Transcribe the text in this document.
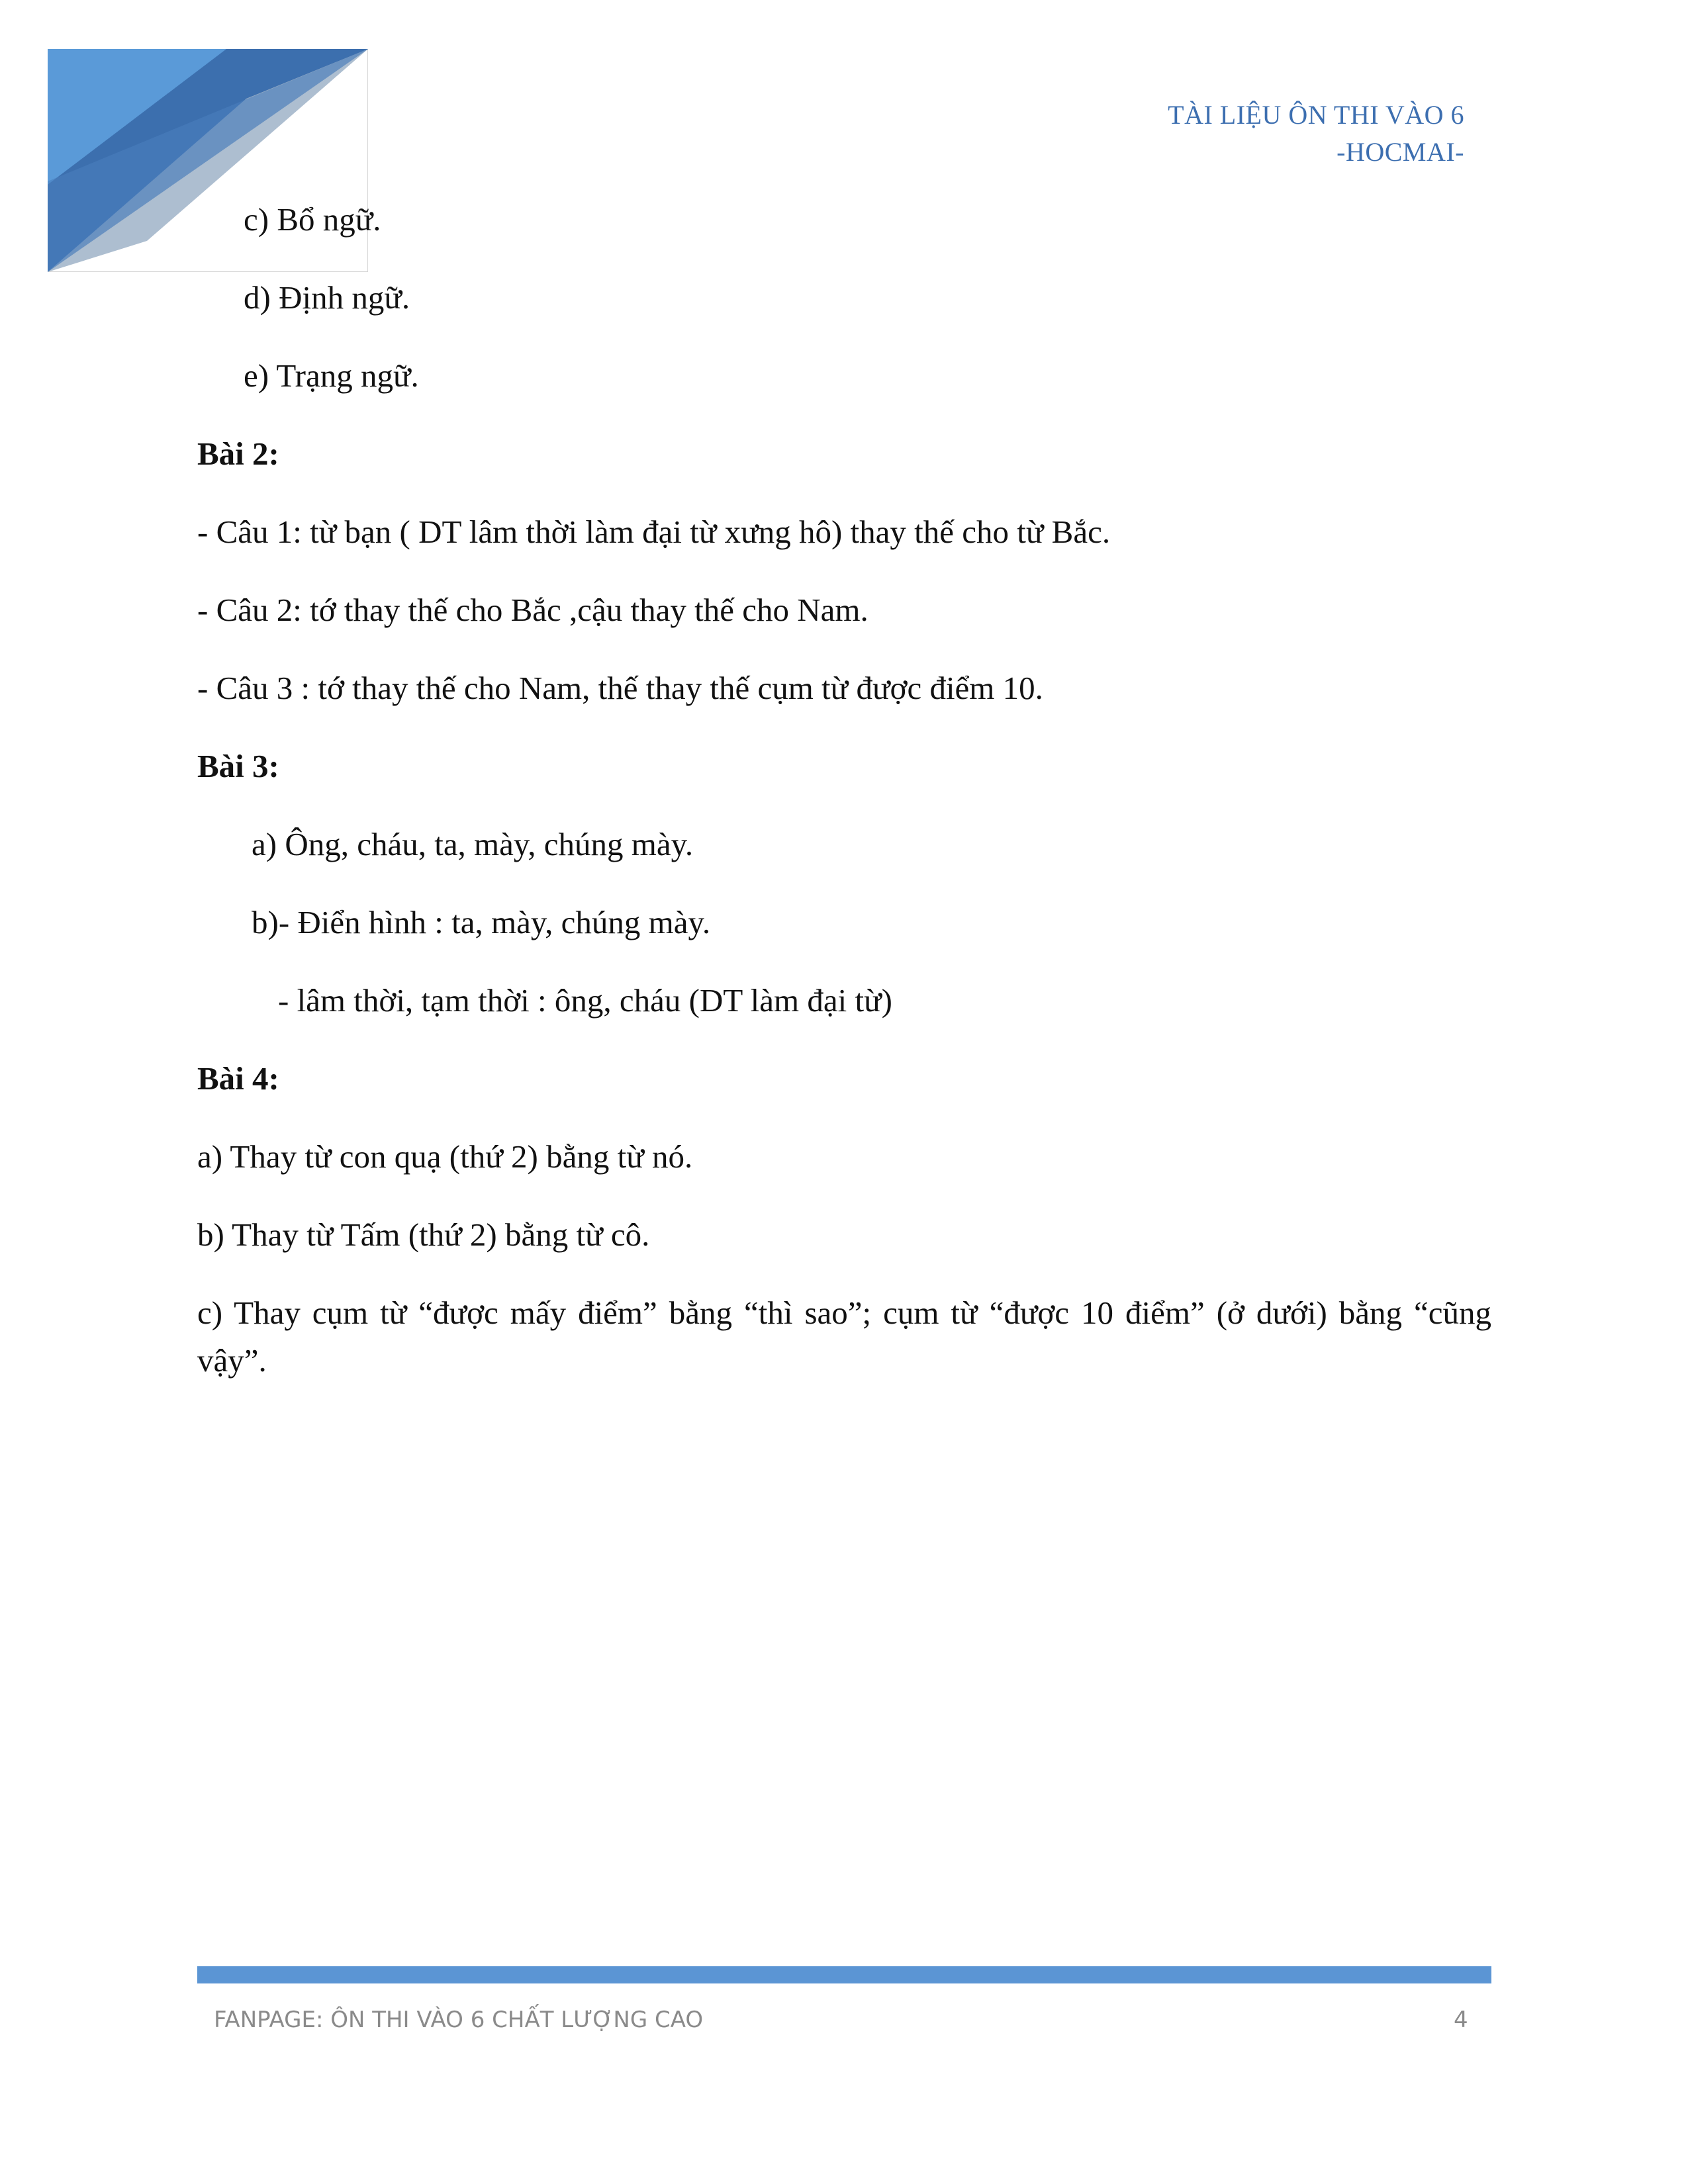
TÀI LIỆU ÔN THI VÀO 6
-HOCMAI-
c) Bổ ngữ.
d) Định ngữ.
e) Trạng ngữ.
Bài 2:
- Câu 1: từ bạn ( DT lâm thời làm đại từ xưng hô) thay thế cho từ Bắc.
- Câu 2: tớ thay thế cho Bắc ,cậu thay thế cho Nam.
- Câu 3 : tớ thay thế cho Nam, thế thay thế cụm từ được điểm 10.
Bài 3:
a) Ông, cháu, ta, mày, chúng mày.
b)- Điển hình : ta, mày, chúng mày.
- lâm thời, tạm thời : ông, cháu (DT làm đại từ)
Bài 4:
a) Thay từ con quạ (thứ 2) bằng từ nó.
b) Thay từ Tấm (thứ 2) bằng từ cô.
c) Thay cụm từ “được mấy điểm” bằng “thì sao”; cụm từ “được 10 điểm” (ở dưới) bằng “cũng vậy”.
FANPAGE: ÔN THI VÀO 6 CHẤT LƯỢNG CAO	4
